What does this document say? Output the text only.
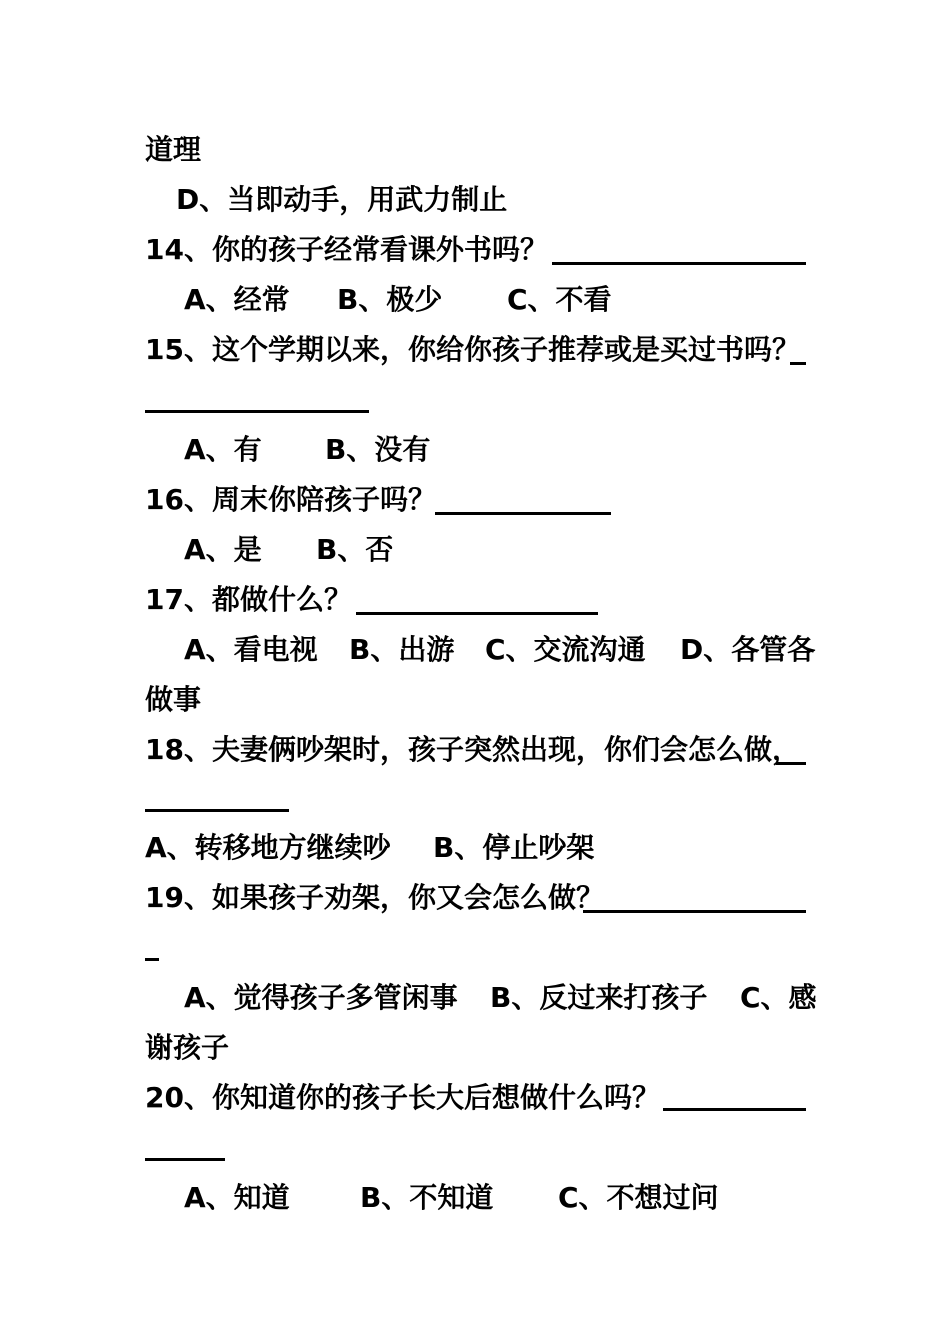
道理
D、当即动手，用武力制止
14、你的孩子经常看课外书吗？
A、经常 B、极少 C、不看
15、这个学期以来，你给你孩子推荐或是买过书吗？
A、有 B、没有
16、周末你陪孩子吗？
A、是 B、否
17、都做什么？
A、看电视 B、出游 C、交流沟通 D、各管各
做事
18、夫妻俩吵架时，孩子突然出现，你们会怎么做，
A、转移地方继续吵 B、停止吵架
19、如果孩子劝架，你又会怎么做？
A、觉得孩子多管闲事 B、反过来打孩子 C、感
谢孩子
20、你知道你的孩子长大后想做什么吗？
A、知道	B、不知道 C、不想过问
